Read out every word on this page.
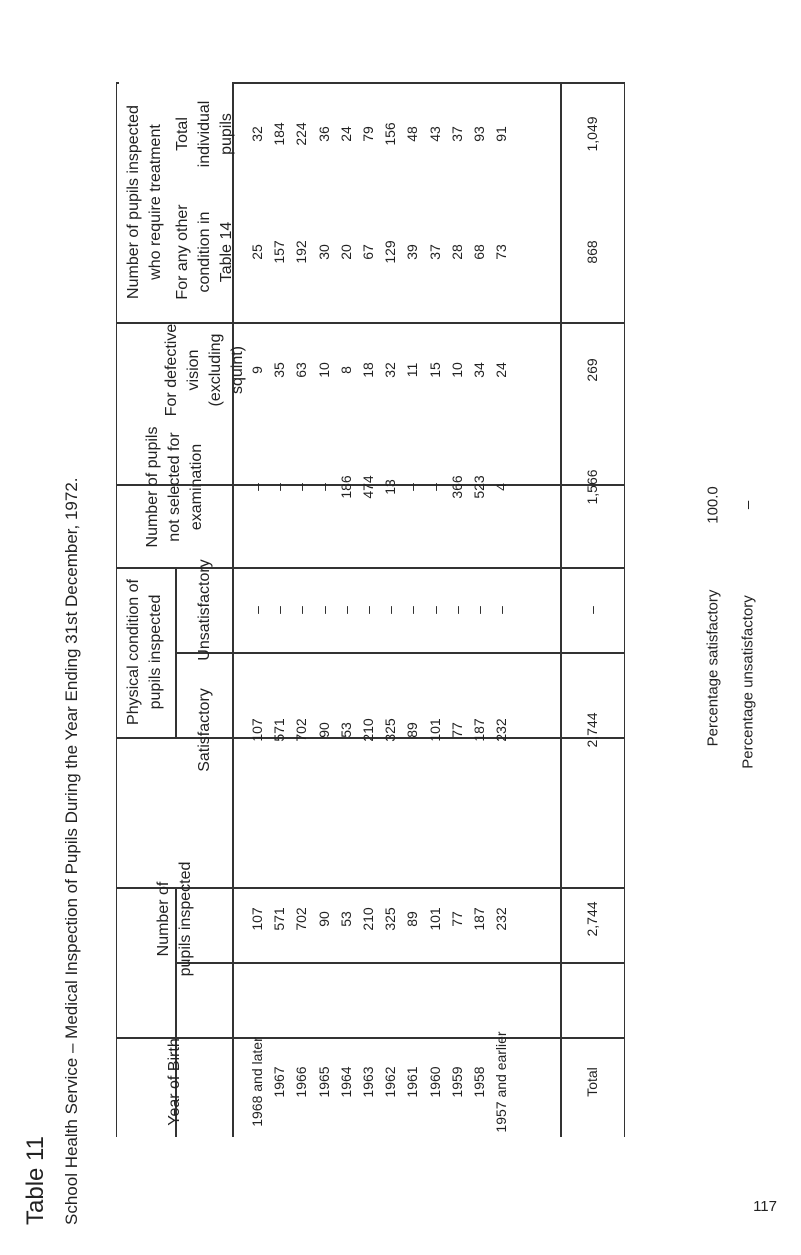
Table 11 School Health Service – Medical Inspection of Pupils During the Year Ending 31st December, 1972.	Year of Birth
Number of pupils inspected
Physical condition of pupils inspected
Satisfactory
Unsatisfactory
Number of pupils not selected for examination
Number of pupils inspected who require treatment
For defective vision (excluding squint)
For any other condition in Table 14
Total individual pupils
1968 and later
107
107
–
–
9
25
32
1967
571
571
–
–
35
157
184
1966
702
702
–
–
63
192
224
1965
90
90
–
–
10
30
36
1964
53
53
–
186
8
20
24
1963
210
210
–
474
18
67
79
1962
325
325
–
13
32
129
156
1961
89
89
–
–
11
39
48
1960
101
101
–
–
15
37
43
1959
77
77
–
366
10
28
37
1958
187
187
–
523
34
68
93
1957 and earlier
232
232
–
4
24
73
91
Total
2,744
2,744
–
1,566
269
868
1,049
Percentage satisfactory
100.0
Percentage unsatisfactory
–
117
